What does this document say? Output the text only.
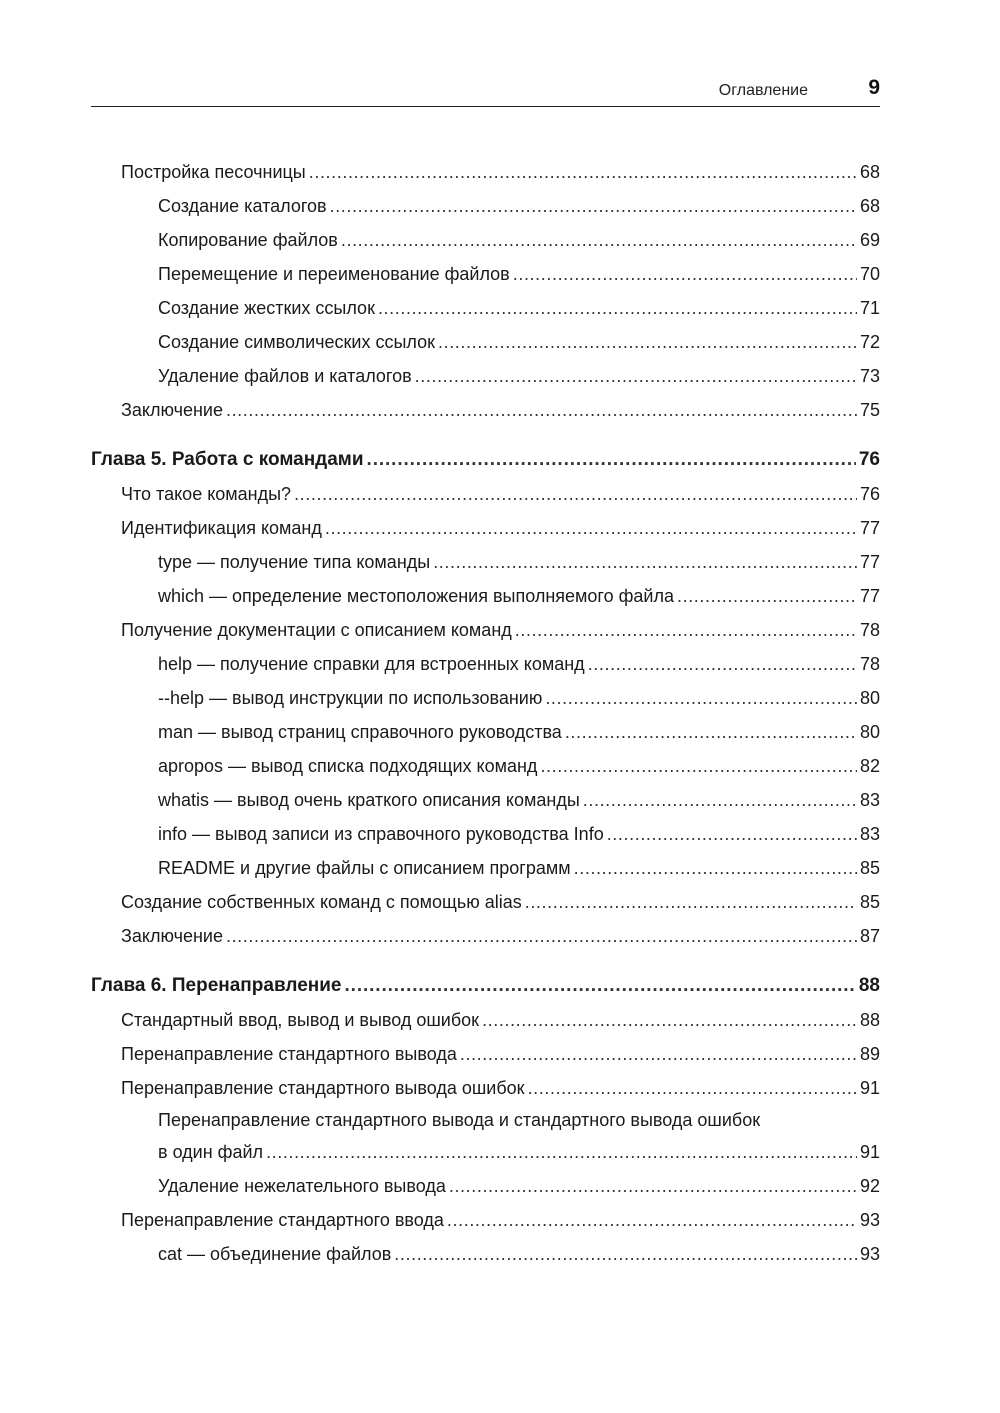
Оглавление	9
Постройка песочницы . . .	68
Создание каталогов . . .	68
Копирование файлов . . .	69
Перемещение и переименование файлов . . .	70
Создание жестких ссылок . . .	71
Создание символических ссылок . . .	72
Удаление файлов и каталогов . . .	73
Заключение . . .	75
Глава 5. Работа с командами . . .	76
Что такое команды? . . .	76
Идентификация команд . . .	77
type — получение типа команды . . .	77
which — определение местоположения выполняемого файла . . .	77
Получение документации с описанием команд . . .	78
help — получение справки для встроенных команд . . .	78
--help — вывод инструкции по использованию . . .	80
man — вывод страниц справочного руководства . . .	80
apropos — вывод списка подходящих команд . . .	82
whatis — вывод очень краткого описания команды . . .	83
info — вывод записи из справочного руководства Info . . .	83
README и другие файлы с описанием программ . . .	85
Создание собственных команд с помощью alias . . .	85
Заключение . . .	87
Глава 6. Перенаправление . . .	88
Стандартный ввод, вывод и вывод ошибок . . .	88
Перенаправление стандартного вывода . . .	89
Перенаправление стандартного вывода ошибок . . .	91
Перенаправление стандартного вывода и стандартного вывода ошибок
в один файл . . .	91
Удаление нежелательного вывода . . .	92
Перенаправление стандартного ввода . . .	93
cat — объединение файлов . . .	93
